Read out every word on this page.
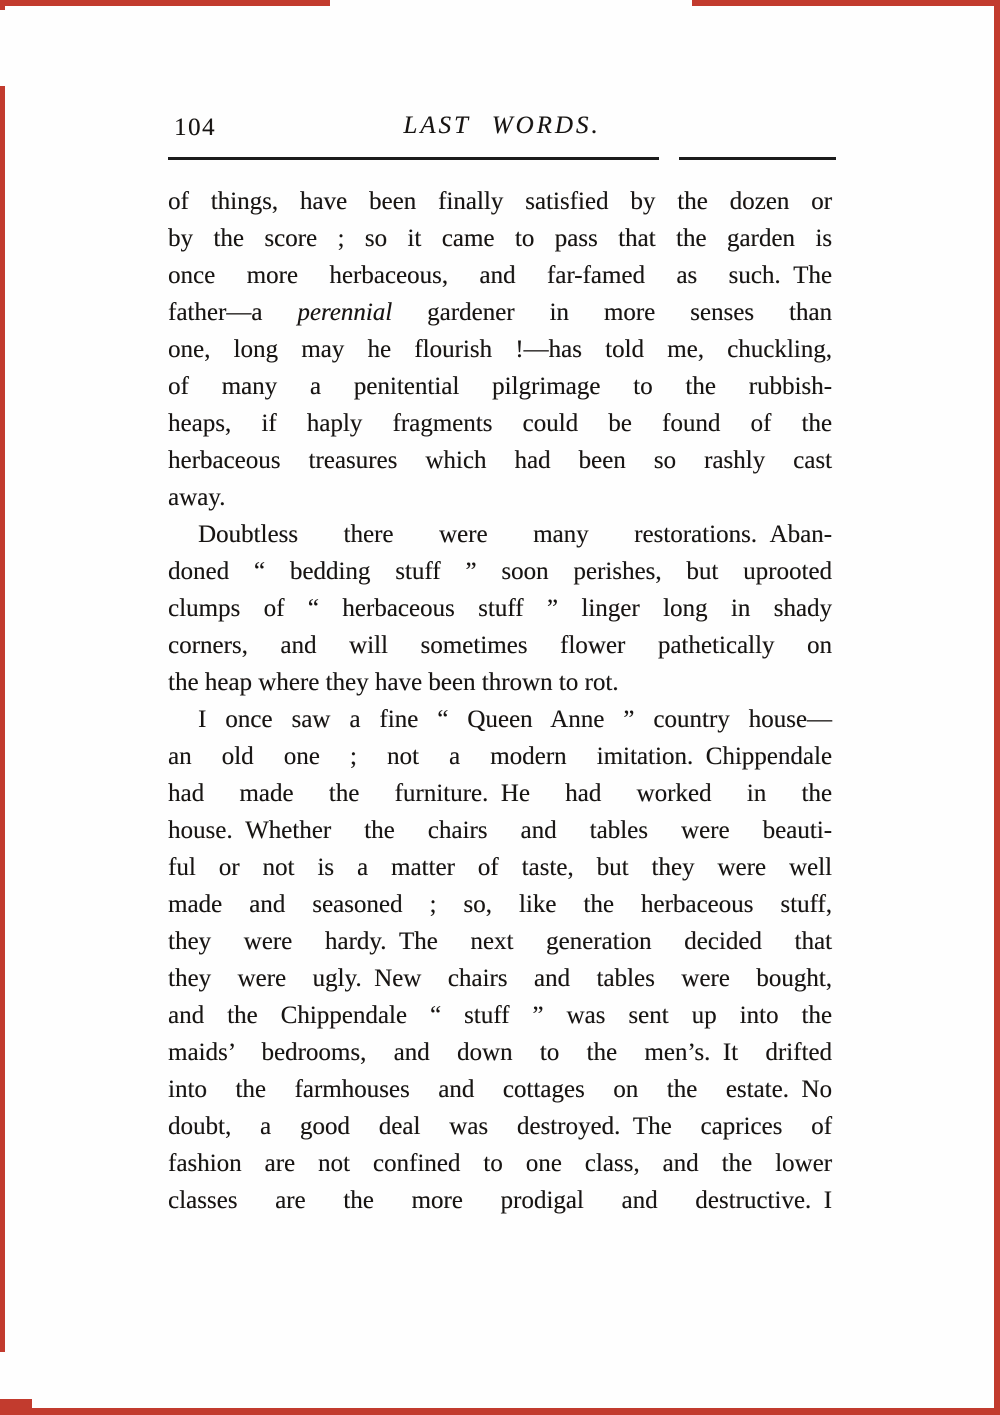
104	LAST WORDS.
of things, have been finally satisfied by the dozen or
by the score ; so it came to pass that the garden is
once more herbaceous, and far-famed as such. The
father—a perennial gardener in more senses than
one, long may he flourish !—has told me, chuckling,
of many a penitential pilgrimage to the rubbish-
heaps, if haply fragments could be found of the
herbaceous treasures which had been so rashly cast
away.
Doubtless there were many restorations. Aban-
doned “ bedding stuff ” soon perishes, but uprooted
clumps of “ herbaceous stuff ” linger long in shady
corners, and will sometimes flower pathetically on
the heap where they have been thrown to rot.
I once saw a fine “ Queen Anne ” country house—
an old one ; not a modern imitation. Chippendale
had made the furniture. He had worked in the
house. Whether the chairs and tables were beauti-
ful or not is a matter of taste, but they were well
made and seasoned ; so, like the herbaceous stuff,
they were hardy. The next generation decided that
they were ugly. New chairs and tables were bought,
and the Chippendale “ stuff ” was sent up into the
maids’ bedrooms, and down to the men’s. It drifted
into the farmhouses and cottages on the estate. No
doubt, a good deal was destroyed. The caprices of
fashion are not confined to one class, and the lower
classes are the more prodigal and destructive. I
